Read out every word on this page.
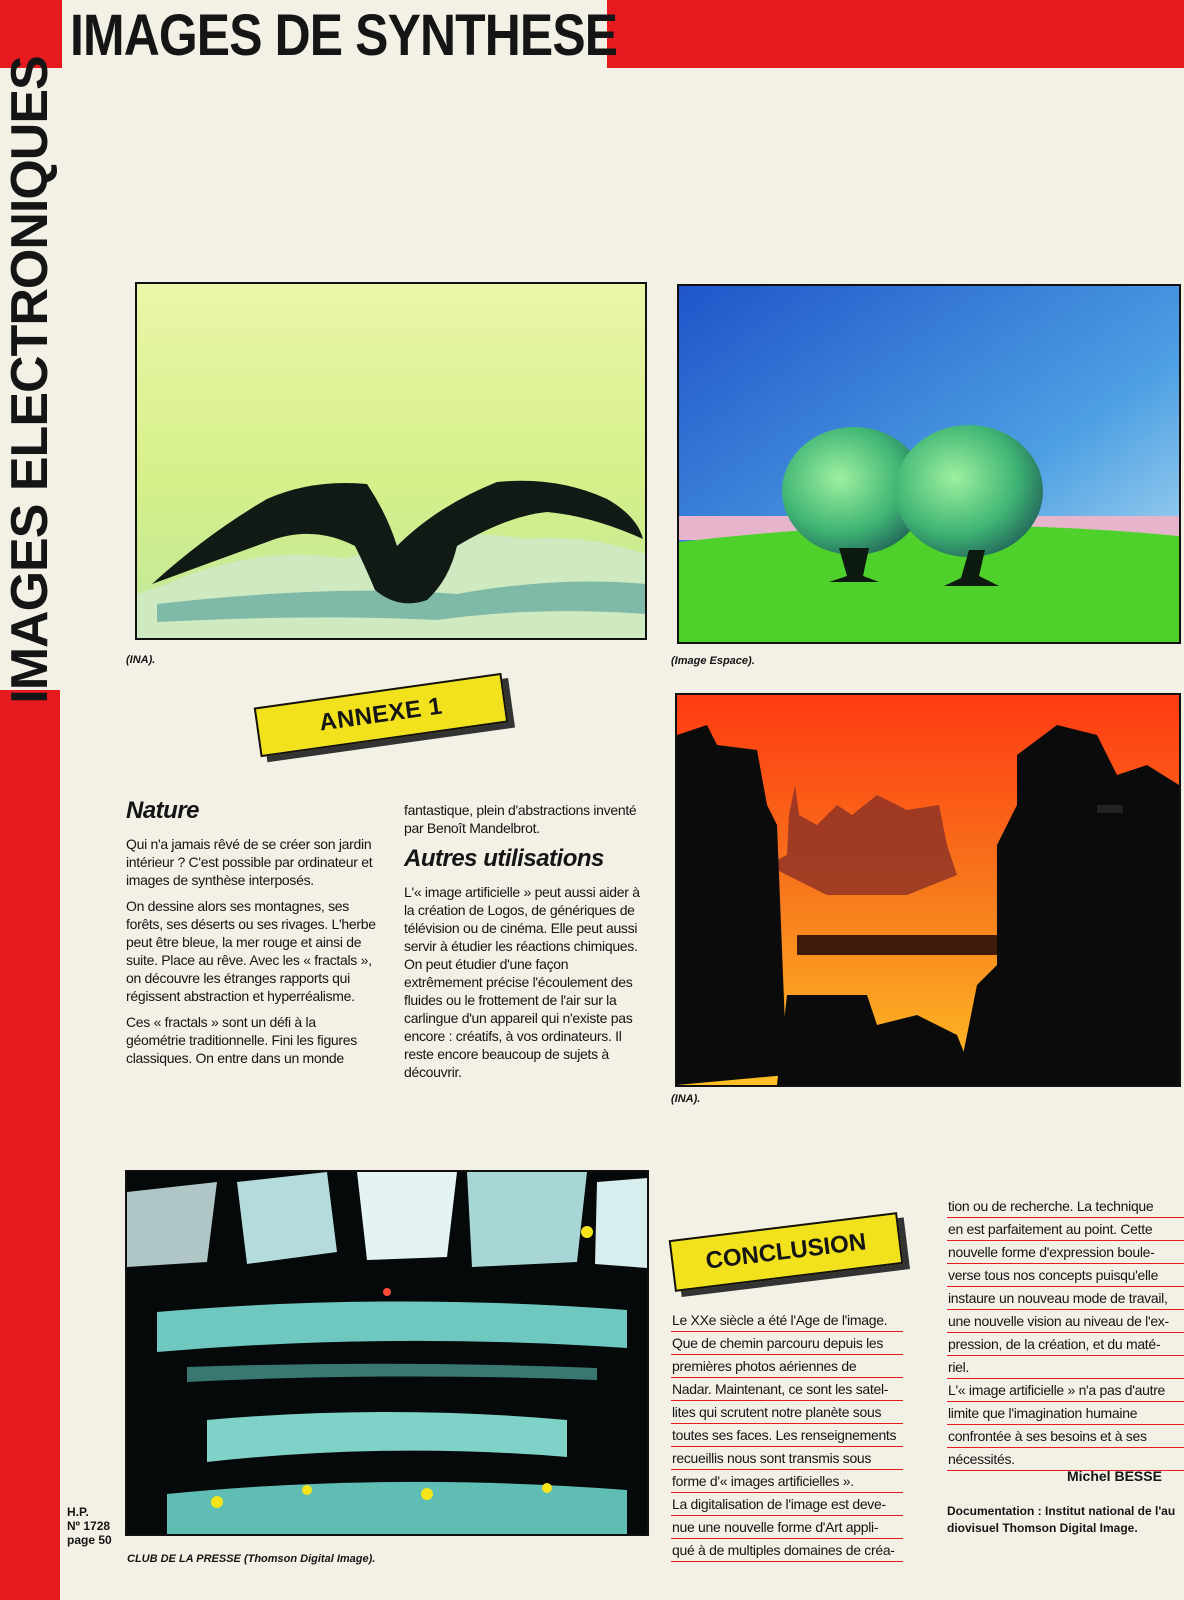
IMAGES DE SYNTHESE
IMAGES ELECTRONIQUES	(INA).	(Image Espace).
(INA).
CLUB DE LA PRESSE (Thomson Digital Image).
ANNEXE 1
Nature

Qui n'a jamais rêvé de se créer son jardin intérieur ? C'est possible par ordinateur et images de synthèse interposés.

On dessine alors ses montagnes, ses forêts, ses déserts ou ses rivages. L'herbe peut être bleue, la mer rouge et ainsi de suite. Place au rêve. Avec les « fractals », on découvre les étranges rapports qui régissent abstraction et hyperréalisme.

Ces « fractals » sont un défi à la géométrie traditionnelle. Fini les figures classiques. On entre dans un monde

fantastique, plein d'abstractions inventé par Benoît Mandelbrot.

Autres utilisations

L'« image artificielle » peut aussi aider à la création de Logos, de génériques de télévision ou de cinéma. Elle peut aussi servir à étudier les réactions chimiques. On peut étudier d'une façon extrêmement précise l'écoulement des fluides ou le frottement de l'air sur la carlingue d'un appareil qui n'existe pas encore : créatifs, à vos ordinateurs. Il reste encore beaucoup de sujets à découvrir.

CONCLUSION
Le XXe siècle a été l'Age de l'image.
Que de chemin parcouru depuis les
premières photos aériennes de
Nadar. Maintenant, ce sont les satel-
lites qui scrutent notre planète sous
toutes ses faces. Les renseignements
recueillis nous sont transmis sous
forme d'« images artificielles ».
La digitalisation de l'image est deve-
nue une nouvelle forme d'Art appli-
qué à de multiples domaines de créa-
tion ou de recherche. La technique
en est parfaitement au point. Cette
nouvelle forme d'expression boule-
verse tous nos concepts puisqu'elle
instaure un nouveau mode de travail,
une nouvelle vision au niveau de l'ex-
pression, de la création, et du maté-
riel.
L'« image artificielle » n'a pas d'autre
limite que l'imagination humaine
confrontée à ses besoins et à ses
nécessités.
Michel BESSE
Documentation : Institut national de l'au
diovisuel Thomson Digital Image.
H.P.
Nº 1728
page 50
